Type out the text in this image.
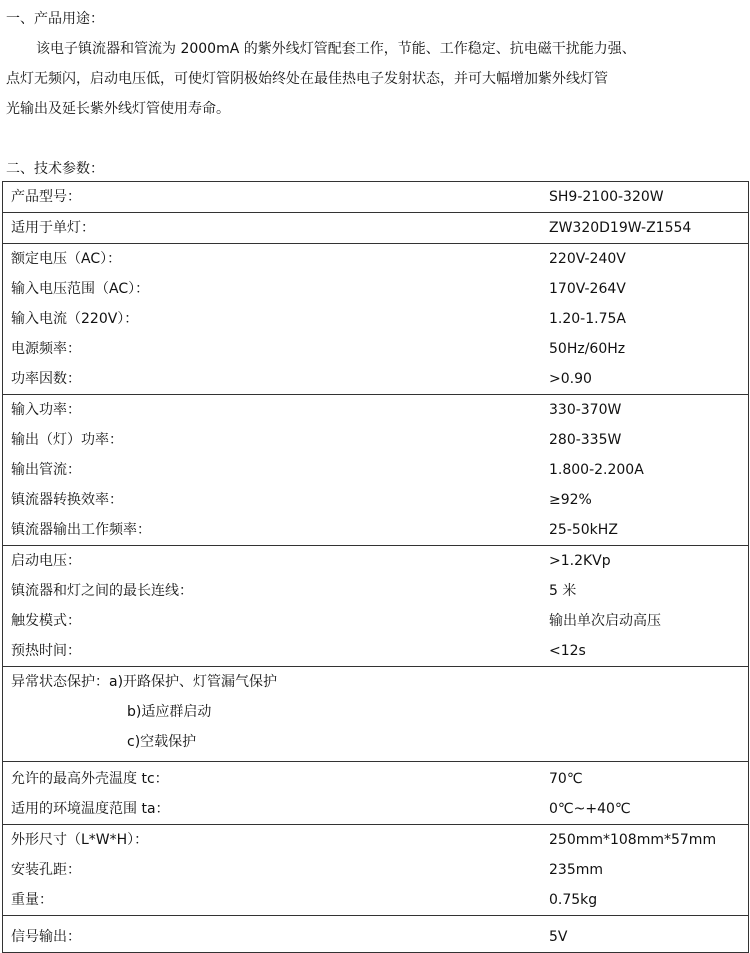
一、产品用途：
该电子镇流器和管流为 2000mA 的紫外线灯管配套工作，节能、工作稳定、抗电磁干扰能力强、
点灯无频闪，启动电压低，可使灯管阴极始终处在最佳热电子发射状态，并可大幅增加紫外线灯管
光输出及延长紫外线灯管使用寿命。
二、技术参数：
产品型号：	SH9-2100-320W
适用于单灯：	ZW320D19W-Z1554
额定电压（AC）：	220V-240V
输入电压范围（AC）：	170V-264V
输入电流（220V）：	1.20-1.75A
电源频率：	50Hz/60Hz
功率因数：	>0.90
输入功率：	330-370W
输出（灯）功率：	280-335W
输出管流：	1.800-2.200A
镇流器转换效率：	≥92%
镇流器输出工作频率：	25-50kHZ
启动电压：	>1.2KVp
镇流器和灯之间的最长连线：	5 米
触发模式：	输出单次启动高压
预热时间：	<12s
异常状态保护：a)开路保护、灯管漏气保护
b)适应群启动
c)空载保护
允许的最高外壳温度 tc：	70℃
适用的环境温度范围 ta：	0℃~+40℃
外形尺寸（L*W*H）：	250mm*108mm*57mm
安装孔距：	235mm
重量：	0.75kg
信号输出：	5V
